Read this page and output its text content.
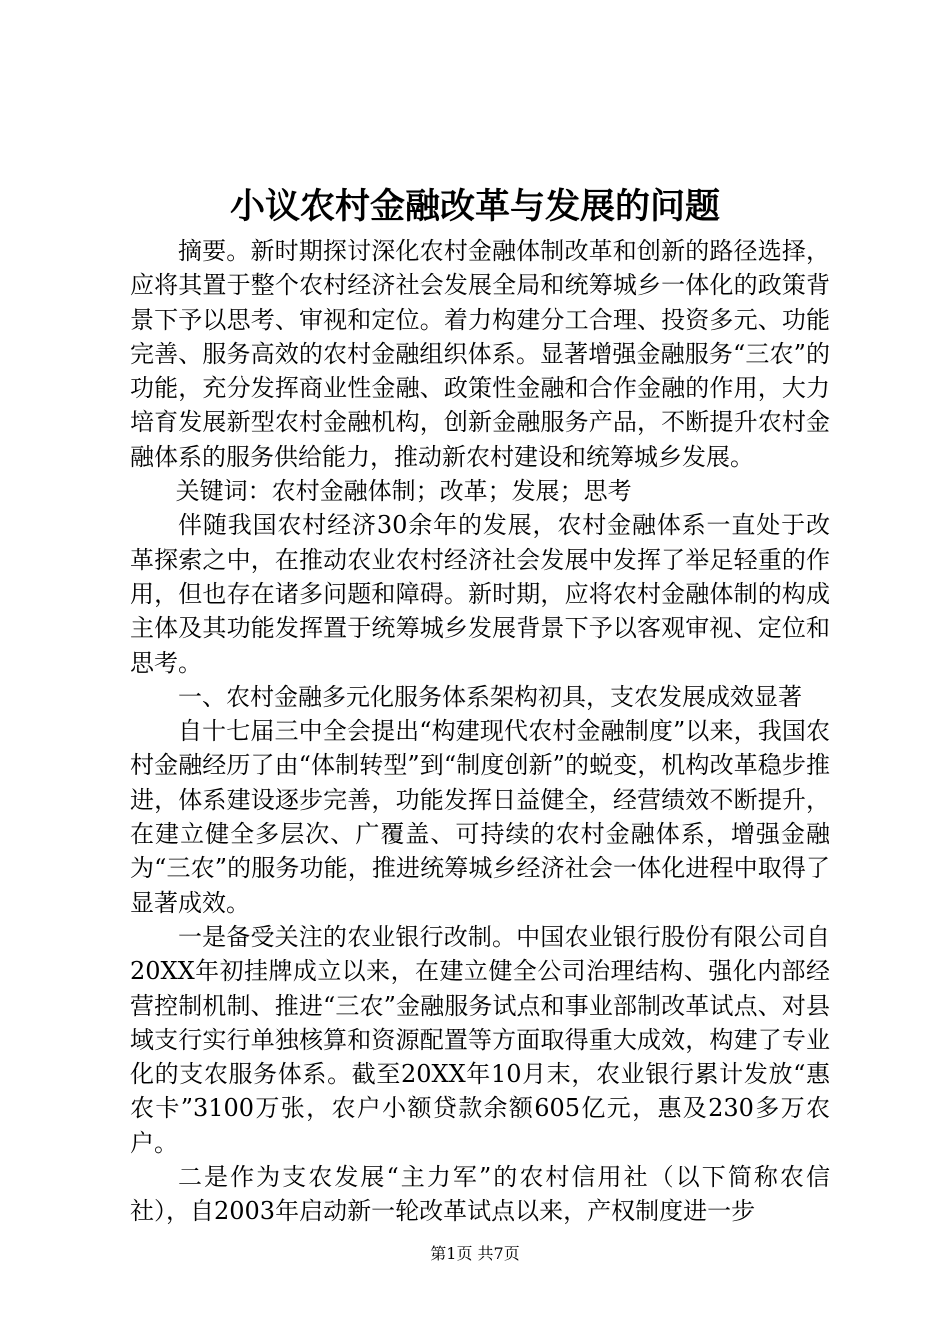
小议农村金融改革与发展的问题

摘要。新时期探讨深化农村金融体制改革和创新的路径选择，应将其置于整个农村经济社会发展全局和统筹城乡一体化的政策背景下予以思考、审视和定位。着力构建分工合理、投资多元、功能完善、服务高效的农村金融组织体系。显著增强金融服务“三农”的功能，充分发挥商业性金融、政策性金融和合作金融的作用，大力培育发展新型农村金融机构，创新金融服务产品，不断提升农村金融体系的服务供给能力，推动新农村建设和统筹城乡发展。

关键词：农村金融体制；改革；发展；思考

伴随我国农村经济30余年的发展，农村金融体系一直处于改革探索之中，在推动农业农村经济社会发展中发挥了举足轻重的作用，但也存在诸多问题和障碍。新时期，应将农村金融体制的构成主体及其功能发挥置于统筹城乡发展背景下予以客观审视、定位和思考。

一、农村金融多元化服务体系架构初具，支农发展成效显著

自十七届三中全会提出“构建现代农村金融制度”以来，我国农村金融经历了由“体制转型”到“制度创新”的蜕变，机构改革稳步推进，体系建设逐步完善，功能发挥日益健全，经营绩效不断提升，在建立健全多层次、广覆盖、可持续的农村金融体系，增强金融为“三农”的服务功能，推进统筹城乡经济社会一体化进程中取得了显著成效。

一是备受关注的农业银行改制。中国农业银行股份有限公司自20XX年初挂牌成立以来，在建立健全公司治理结构、强化内部经营控制机制、推进“三农”金融服务试点和事业部制改革试点、对县域支行实行单独核算和资源配置等方面取得重大成效，构建了专业化的支农服务体系。截至20XX年10月末，农业银行累计发放“惠农卡”3100万张，农户小额贷款余额605亿元，惠及230多万农户。

二是作为支农发展“主力军”的农村信用社（以下简称农信社），自2003年启动新一轮改革试点以来，产权制度进一步

第1页 共7页
